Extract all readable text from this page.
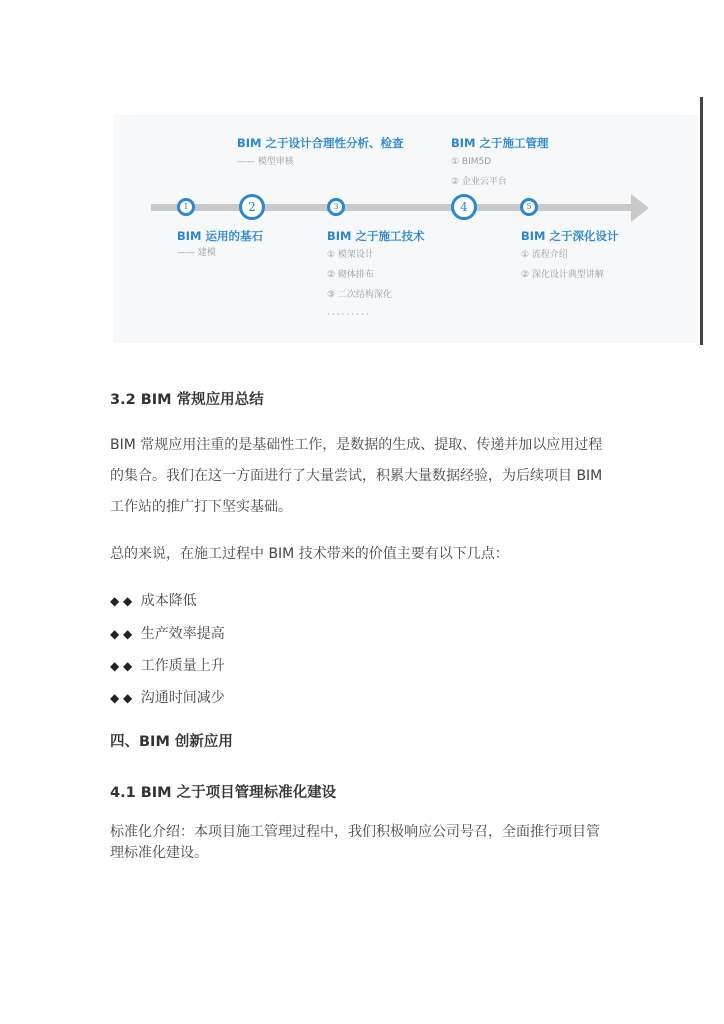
1
BIM 运用的基石
—— 建模
2
BIM 之于设计合理性分析、检查
—— 模型审核
3
BIM 之于施工技术
① 模架设计
② 砌体排布
③ 二次结构深化
·········
4
BIM 之于施工管理
① BIM5D
② 企业云平台
5
BIM 之于深化设计
① 流程介绍
② 深化设计典型讲解
3.2 BIM 常规应用总结

BIM 常规应用注重的是基础性工作，是数据的生成、提取、传递并加以应用过程的集合。我们在这一方面进行了大量尝试，积累大量数据经验，为后续项目 BIM 工作站的推广打下坚实基础。

总的来说，在施工过程中 BIM 技术带来的价值主要有以下几点：

◆ ◆ 成本降低
◆ ◆ 生产效率提高
◆ ◆ 工作质量上升
◆ ◆ 沟通时间减少
四、BIM 创新应用
4.1 BIM 之于项目管理标准化建设

标准化介绍：本项目施工管理过程中，我们积极响应公司号召，全面推行项目管理标准化建设。
